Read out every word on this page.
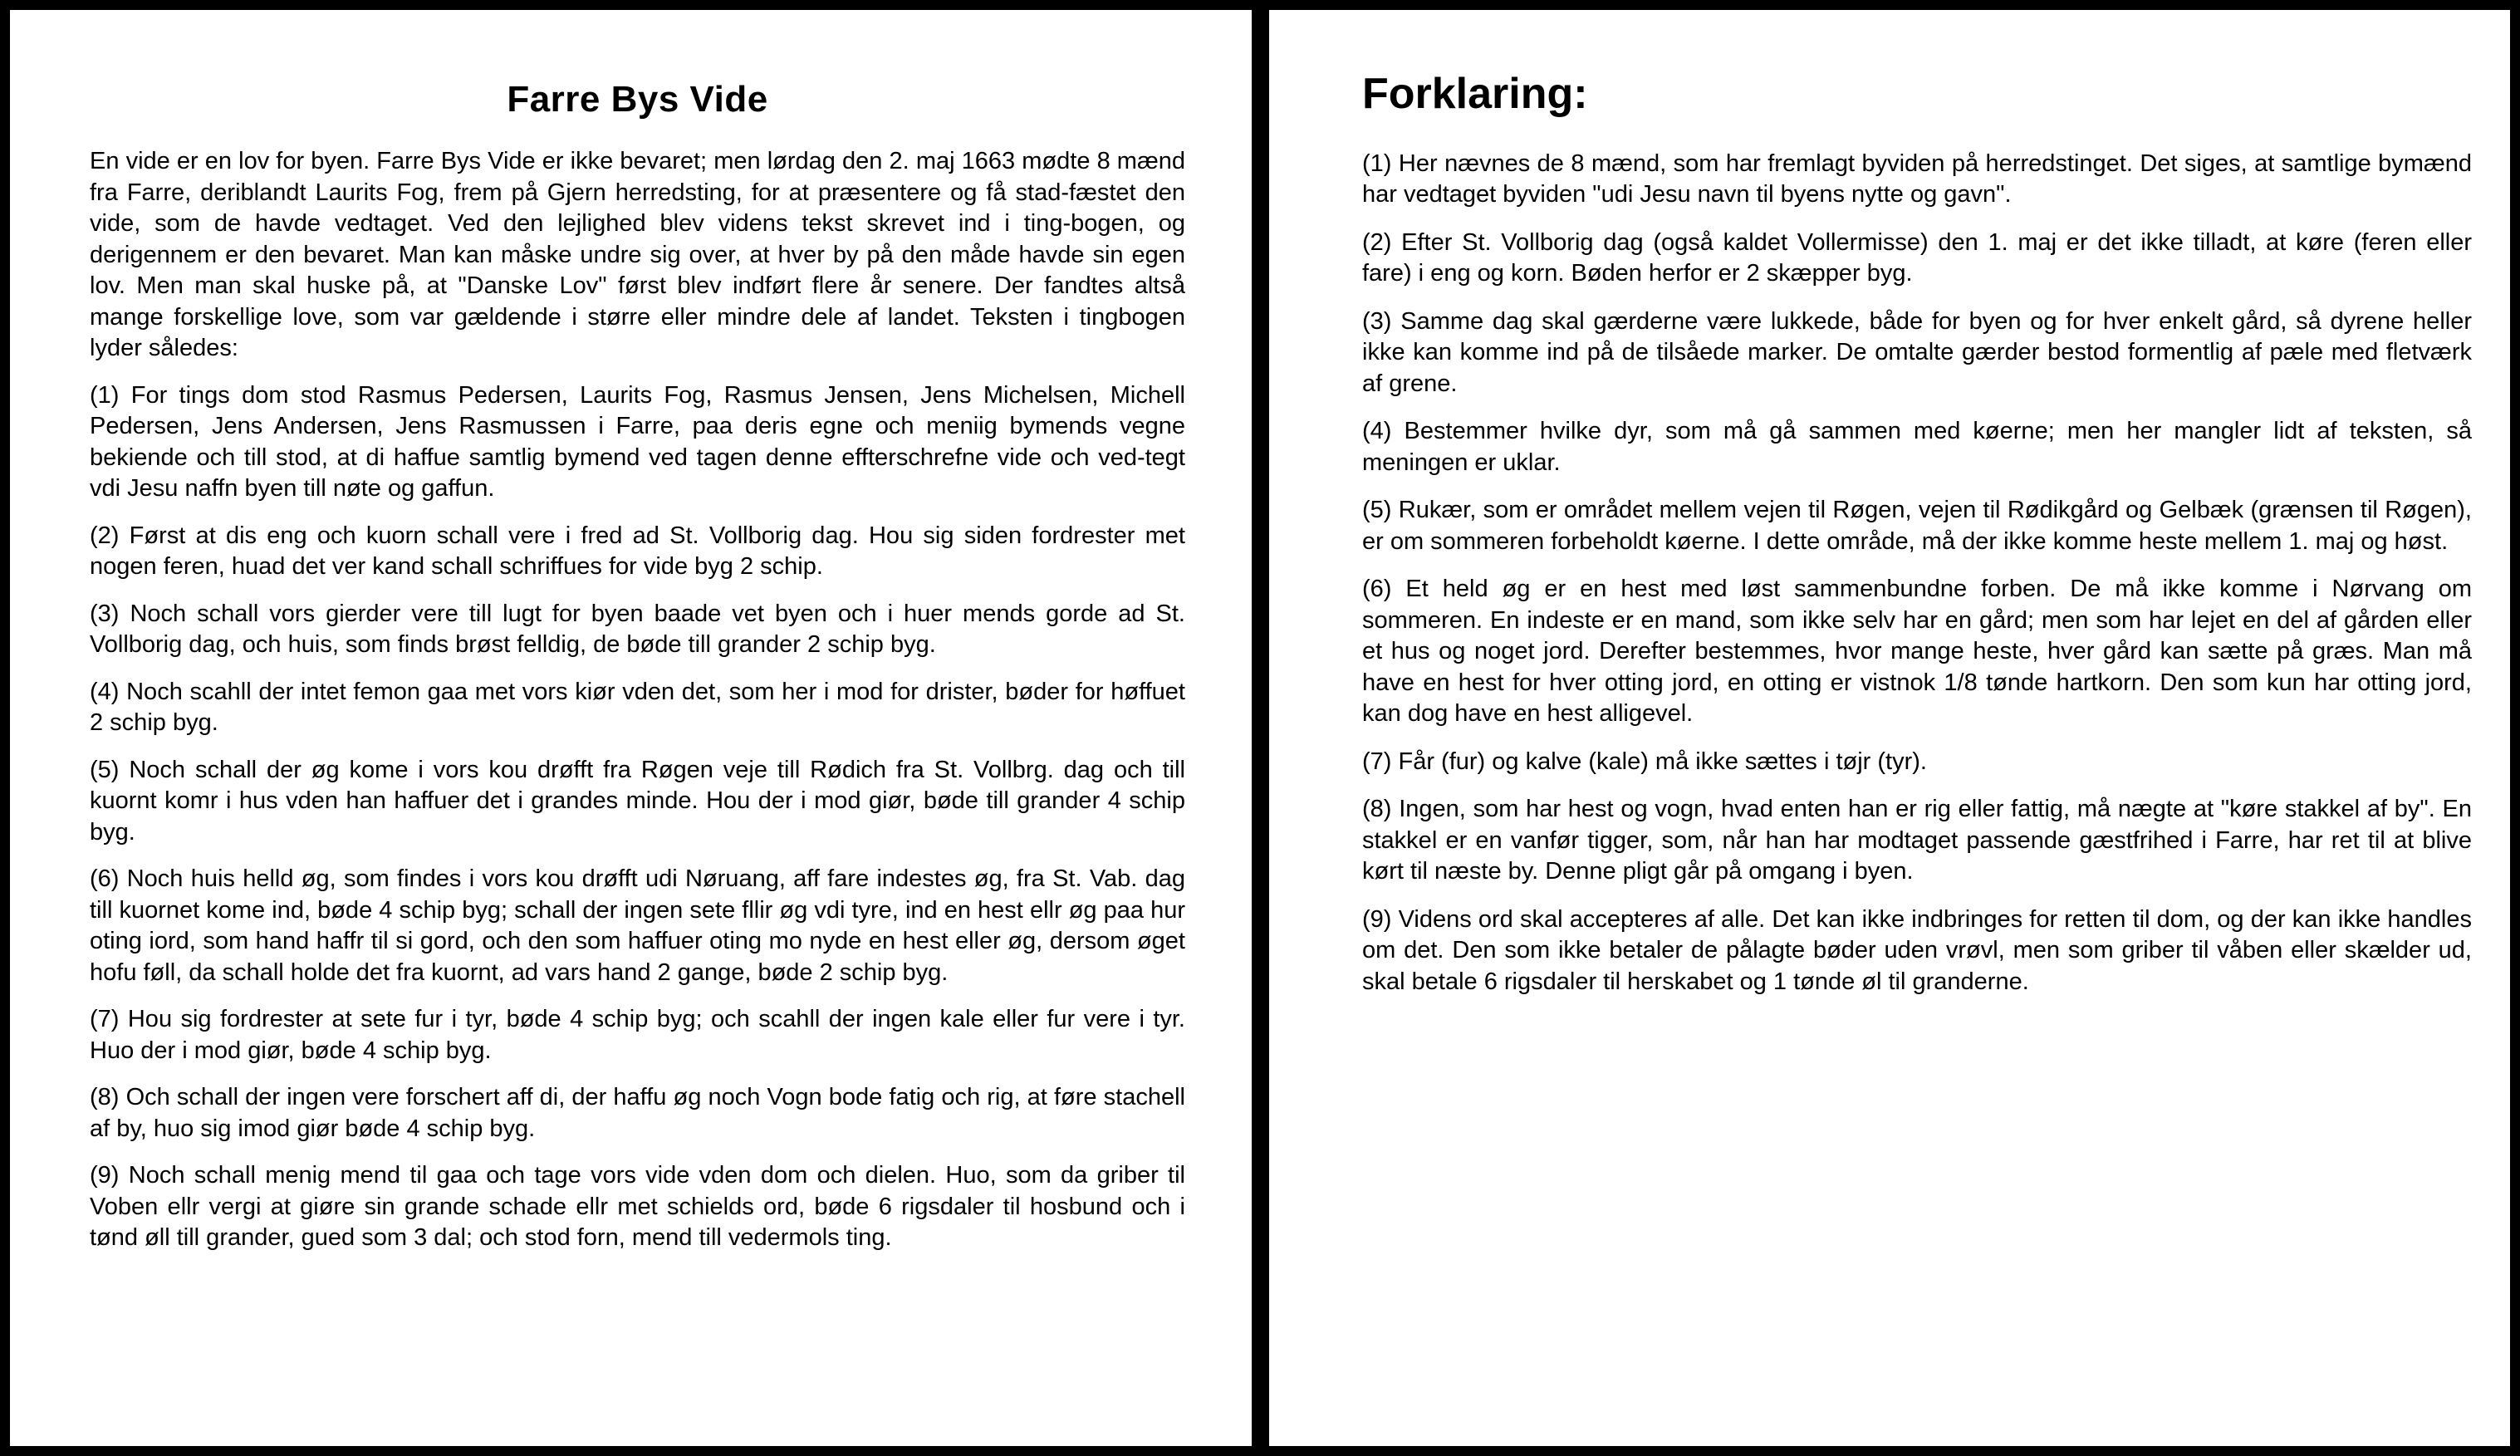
Farre Bys Vide

En vide er en lov for byen. Farre Bys Vide er ikke bevaret; men lørdag den 2. maj 1663 mødte 8 mænd fra Farre, deriblandt Laurits Fog, frem på Gjern herredsting, for at præsentere og få stad-fæstet den vide, som de havde vedtaget. Ved den lejlighed blev videns tekst skrevet ind i ting-bogen, og derigennem er den bevaret. Man kan måske undre sig over, at hver by på den måde havde sin egen lov. Men man skal huske på, at "Danske Lov" først blev indført flere år senere. Der fandtes altså mange forskellige love, som var gældende i større eller mindre dele af landet. Teksten i tingbogen lyder således:

(1) For tings dom stod Rasmus Pedersen, Laurits Fog, Rasmus Jensen, Jens Michelsen, Michell Pedersen, Jens Andersen, Jens Rasmussen i Farre, paa deris egne och meniig bymends vegne bekiende och till stod, at di haffue samtlig bymend ved tagen denne effterschrefne vide och ved-tegt vdi Jesu naffn byen till nøte og gaffun.

(2) Først at dis eng och kuorn schall vere i fred ad St. Vollborig dag. Hou sig siden fordrester met nogen feren, huad det ver kand schall schriffues for vide byg 2 schip.

(3) Noch schall vors gierder vere till lugt for byen baade vet byen och i huer mends gorde ad St. Vollborig dag, och huis, som finds brøst felldig, de bøde till grander 2 schip byg.

(4) Noch scahll der intet femon gaa met vors kiør vden det, som her i mod for drister, bøder for høffuet 2 schip byg.

(5) Noch schall der øg kome i vors kou drøfft fra Røgen veje till Rødich fra St. Vollbrg. dag och till kuornt komr i hus vden han haffuer det i grandes minde. Hou der i mod giør, bøde till grander 4 schip byg.

(6) Noch huis helld øg, som findes i vors kou drøfft udi Nøruang, aff fare indestes øg, fra St. Vab. dag till kuornet kome ind, bøde 4 schip byg; schall der ingen sete fllir øg vdi tyre, ind en hest ellr øg paa hur oting iord, som hand haffr til si gord, och den som haffuer oting mo nyde en hest eller øg, dersom øget hofu føll, da schall holde det fra kuornt, ad vars hand 2 gange, bøde 2 schip byg.

(7) Hou sig fordrester at sete fur i tyr, bøde 4 schip byg; och scahll der ingen kale eller fur vere i tyr. Huo der i mod giør, bøde 4 schip byg.

(8) Och schall der ingen vere forschert aff di, der haffu øg noch Vogn bode fatig och rig, at føre stachell af by, huo sig imod giør bøde 4 schip byg.

(9) Noch schall menig mend til gaa och tage vors vide vden dom och dielen. Huo, som da griber til Voben ellr vergi at giøre sin grande schade ellr met schields ord, bøde 6 rigsdaler til hosbund och i tønd øll till grander, gued som 3 dal; och stod forn, mend till vedermols ting.

Forklaring:

(1) Her nævnes de 8 mænd, som har fremlagt byviden på herredstinget. Det siges, at samtlige bymænd har vedtaget byviden "udi Jesu navn til byens nytte og gavn".

(2) Efter St. Vollborig dag (også kaldet Vollermisse) den 1. maj er det ikke tilladt, at køre (feren eller fare) i eng og korn. Bøden herfor er 2 skæpper byg.

(3) Samme dag skal gærderne være lukkede, både for byen og for hver enkelt gård, så dyrene heller ikke kan komme ind på de tilsåede marker. De omtalte gærder bestod formentlig af pæle med fletværk af grene.

(4) Bestemmer hvilke dyr, som må gå sammen med køerne; men her mangler lidt af teksten, så meningen er uklar.

(5) Rukær, som er området mellem vejen til Røgen, vejen til Rødikgård og Gelbæk (grænsen til Røgen), er om sommeren forbeholdt køerne. I dette område, må der ikke komme heste mellem 1. maj og høst.

(6) Et held øg er en hest med løst sammenbundne forben. De må ikke komme i Nørvang om sommeren. En indeste er en mand, som ikke selv har en gård; men som har lejet en del af gården eller et hus og noget jord. Derefter bestemmes, hvor mange heste, hver gård kan sætte på græs. Man må have en hest for hver otting jord, en otting er vistnok 1/8 tønde hartkorn. Den som kun har otting jord, kan dog have en hest alligevel.

(7) Får (fur) og kalve (kale) må ikke sættes i tøjr (tyr).

(8) Ingen, som har hest og vogn, hvad enten han er rig eller fattig, må nægte at "køre stakkel af by". En stakkel er en vanfør tigger, som, når han har modtaget passende gæstfrihed i Farre, har ret til at blive kørt til næste by. Denne pligt går på omgang i byen.

(9) Videns ord skal accepteres af alle. Det kan ikke indbringes for retten til dom, og der kan ikke handles om det. Den som ikke betaler de pålagte bøder uden vrøvl, men som griber til våben eller skælder ud, skal betale 6 rigsdaler til herskabet og 1 tønde øl til granderne.
